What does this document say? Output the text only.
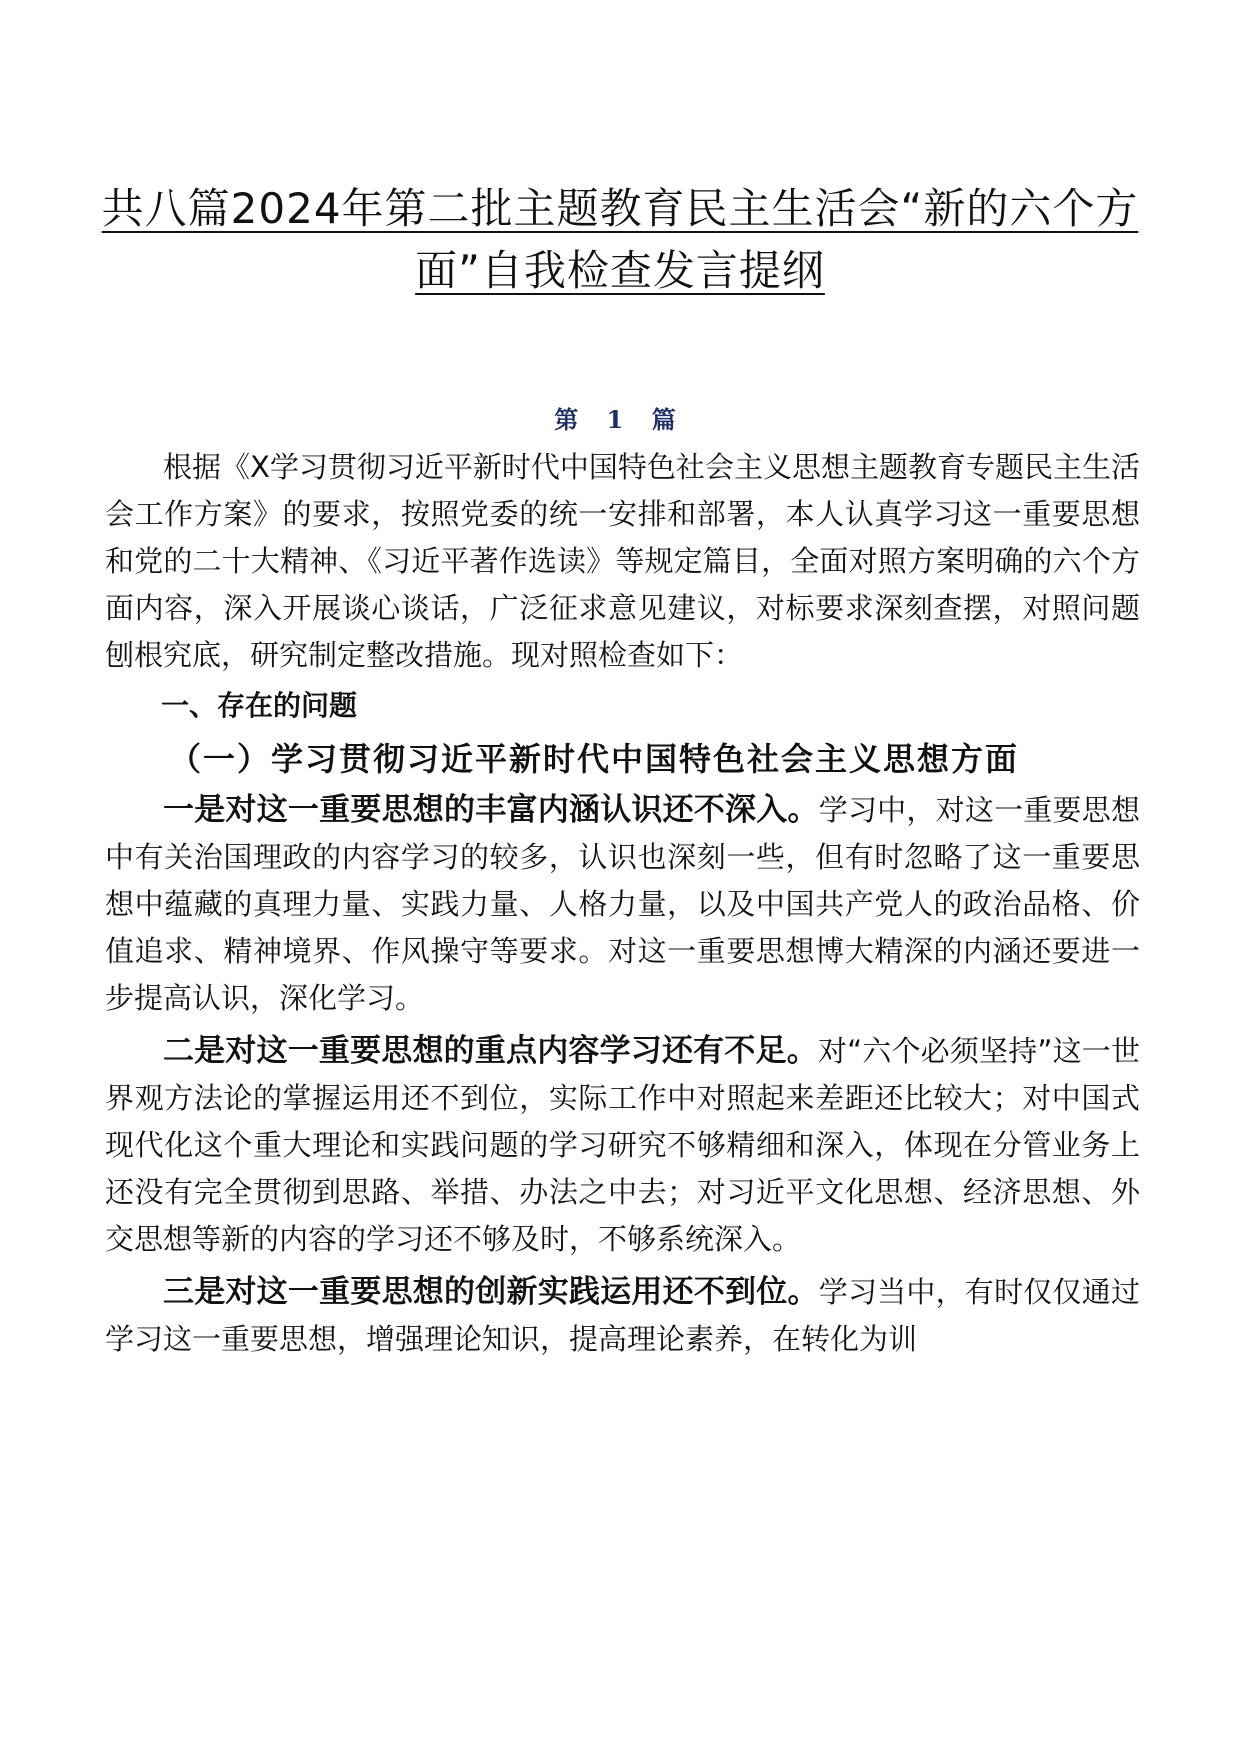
共八篇2024年第二批主题教育民主生活会“新的六个方面”自我检查发言提纲
第 1 篇

根据《X学习贯彻习近平新时代中国特色社会主义思想主题教育专题民主生活会工作方案》的要求，按照党委的统一安排和部署，本人认真学习这一重要思想和党的二十大精神、《习近平著作选读》等规定篇目，全面对照方案明确的六个方面内容，深入开展谈心谈话，广泛征求意见建议，对标要求深刻查摆，对照问题刨根究底，研究制定整改措施。现对照检查如下：

一、存在的问题

（一）学习贯彻习近平新时代中国特色社会主义思想方面

一是对这一重要思想的丰富内涵认识还不深入。学习中，对这一重要思想中有关治国理政的内容学习的较多，认识也深刻一些，但有时忽略了这一重要思想中蕴藏的真理力量、实践力量、人格力量，以及中国共产党人的政治品格、价值追求、精神境界、作风操守等要求。对这一重要思想博大精深的内涵还要进一步提高认识，深化学习。

二是对这一重要思想的重点内容学习还有不足。对“六个必须坚持”这一世界观方法论的掌握运用还不到位，实际工作中对照起来差距还比较大；对中国式现代化这个重大理论和实践问题的学习研究不够精细和深入，体现在分管业务上还没有完全贯彻到思路、举措、办法之中去；对习近平文化思想、经济思想、外交思想等新的内容的学习还不够及时，不够系统深入。

三是对这一重要思想的创新实践运用还不到位。学习当中，有时仅仅通过学习这一重要思想，增强理论知识，提高理论素养，在转化为训
